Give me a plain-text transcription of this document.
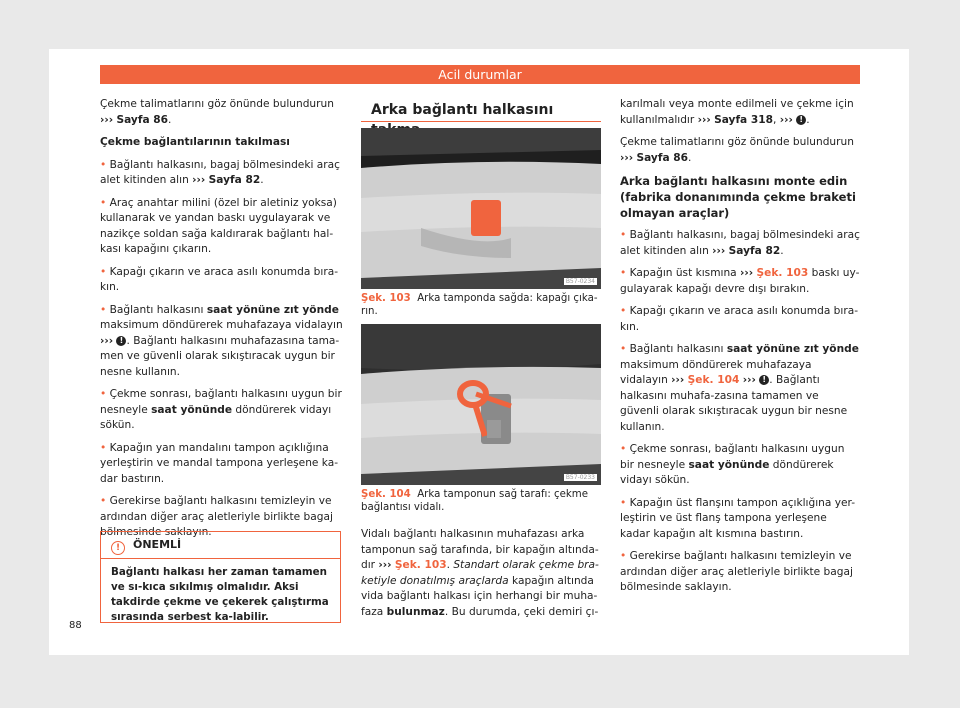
Acil durumlar

Çekme talimatlarını göz önünde bulundurun
››› Sayfa 86.

Çekme bağlantılarının takılması

• Bağlantı halkasını, bagaj bölmesindeki araç alet kitinden alın ››› Sayfa 82.

• Araç anahtar milini (özel bir aletiniz yoksa) kullanarak ve yandan baskı uygulayarak ve nazikçe soldan sağa kaldırarak bağlantı hal-kası kapağını çıkarın.

• Kapağı çıkarın ve araca asılı konumda bıra-kın.

• Bağlantı halkasını saat yönüne zıt yönde maksimum döndürerek muhafazaya vidalayın ››› ! . Bağlantı halkasını muhafazasına tama-men ve güvenli olarak sıkıştıracak uygun bir nesne kullanın.

• Çekme sonrası, bağlantı halkasını uygun bir nesneyle saat yönünde döndürerek vidayı sökün.

• Kapağın yan mandalını tampon açıklığına yerleştirin ve mandal tampona yerleşene ka-dar bastırın.

• Gerekirse bağlantı halkasını temizleyin ve ardından diğer araç aletleriyle birlikte bagaj bölmesinde saklayın.

! ÖNEMLİ
Bağlantı halkası her zaman tamamen ve sı-kıca sıkılmış olmalıdır. Aksi takdirde çekme ve çekerek çalıştırma sırasında serbest ka-labilir.
88
Arka bağlantı halkasını
B57-0234
Şek. 103 Arka tamponda sağda: kapağı çıka-rın.
B57-0233
Şek. 104 Arka tamponun sağ tarafı: çekme bağlantısı vidalı.
Vidalı bağlantı halkasının muhafazası arka tamponun sağ tarafında, bir kapağın altında-dır ››› Şek. 103. Standart olarak çekme bra-ketiyle donatılmış araçlarda kapağın altında vida bağlantı halkası için herhangi bir muha-faza bulunmaz. Bu durumda, çeki demiri çı-

karılmalı veya monte edilmeli ve çekme için kullanılmalıdır ››› Sayfa 318, ››› ! .

Çekme talimatlarını göz önünde bulundurun
››› Sayfa 86.

Arka bağlantı halkasını monte edin (fabrika donanımında çekme braketi olmayan araçlar)

• Bağlantı halkasını, bagaj bölmesindeki araç alet kitinden alın ››› Sayfa 82.

• Kapağın üst kısmına ››› Şek. 103 baskı uy-gulayarak kapağı devre dışı bırakın.

• Kapağı çıkarın ve araca asılı konumda bıra-kın.

• Bağlantı halkasını saat yönüne zıt yönde maksimum döndürerek muhafazaya vidalayın ››› Şek. 104 ››› ! . Bağlantı halkasını muhafa-zasına tamamen ve güvenli olarak sıkıştıracak uygun bir nesne kullanın.

• Çekme sonrası, bağlantı halkasını uygun bir nesneyle saat yönünde döndürerek vidayı sökün.

• Kapağın üst flanşını tampon açıklığına yer-leştirin ve üst flanş tampona yerleşene kadar kapağın alt kısmına bastırın.

• Gerekirse bağlantı halkasını temizleyin ve ardından diğer araç aletleriyle birlikte bagaj bölmesinde saklayın.
